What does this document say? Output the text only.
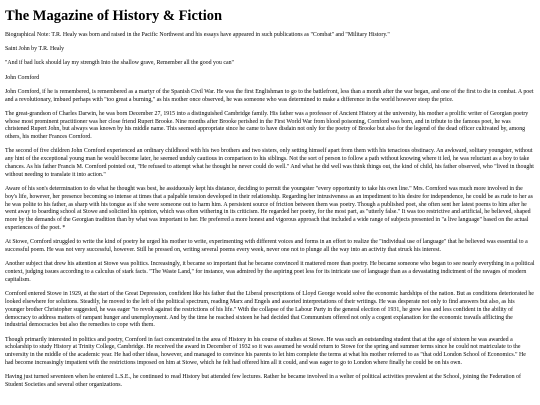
The Magazine of History & Fiction

Biographical Note: T.R. Healy was born and raised in the Pacific Northwest and his essays have appeared in such publications as "Combat" and "Military History."

Saint John by T.R. Healy

"And if bad luck should lay my strength Into the shallow grave, Remember all the good you can"

John Cornford

John Cornford, if he is remembered, is remembered as a martyr of the Spanish Civil War. He was the first Englishman to go to the battlefront, less than a month after the war began, and one of the first to die in combat. A poet and a revolutionary, imbued perhaps with "too great a burning," as his mother once observed, he was someone who was determined to make a difference in the world however steep the price.

The great-grandson of Charles Darwin, he was born December 27, 1915 into a distinguished Cambridge family. His father was a professor of Ancient History at the university, his mother a prolific writer of Georgian poetry whose most prominent practitioner was her close friend Rupert Brooke. Nine months after Brooke perished in the First World War from blood poisoning, Cornford was born, and in tribute to the famous poet, he was christened Rupert John, but always was known by his middle name. This seemed appropriate since he came to have disdain not only for the poetry of Brooke but also for the legend of the dead officer cultivated by, among others, his mother Frances Cornford.

The second of five children John Cornford experienced an ordinary childhood with his two brothers and two sisters, only setting himself apart from them with his tenacious obstinacy. An awkward, solitary youngster, without any hint of the exceptional young man he would become later, he seemed unduly cautious in comparison to his siblings. Not the sort of person to follow a path without knowing where it led, he was reluctant as a boy to take chances. As his father Francis M. Cornford pointed out, "He refused to attempt what he thought he never could do well." And what he did well was think things out, the kind of child, his father observed, who "lived in thought without needing to translate it into action."

Aware of his son's determination to do what he thought was best, he assiduously kept his distance, deciding to permit the youngster "every opportunity to take his own line." Mrs. Cornford was much more involved in the boy's life, however, her presence becoming so intense at times that a palpable tension developed in their relationship. Regarding her intrusiveness as an impediment to his desire for independence, he could be as rude to her as he was polite to his father, as sharp with his tongue as if she were someone out to harm him. A persistent source of friction between them was poetry. Though a published poet, she often sent her latest poems to him after he went away to boarding school at Stowe and solicited his opinion, which was often withering in its criticism. He regarded her poetry, for the most part, as "utterly false." It was too restrictive and artificial, he believed, shaped more by the demands of the Georgian tradition than by what was important to her. He preferred a more honest and vigorous approach that included a wide range of subjects presented in "a live language" based on the actual experiences of the poet. *

At Stowe, Cornford struggled to write the kind of poetry he urged his mother to write, experimenting with different voices and forms in an effort to realize the "individual use of language" that he believed was essential to a successful poem. He was not very successful, however. Still he pressed on, writing several poems every week, never one not to plunge all the way into an activity that struck his interest.

Another subject that drew his attention at Stowe was politics. Increasingly, it became so important that he became convinced it mattered more than poetry. He became someone who began to see nearly everything in a political context, judging issues according to a calculus of stark facts. "The Waste Land," for instance, was admired by the aspiring poet less for its intricate use of language than as a devastating indictment of the ravages of modern capitalism.

Cornford entered Stowe in 1929, at the start of the Great Depression, confident like his father that the Liberal prescriptions of Lloyd George would solve the economic hardships of the nation. But as conditions deteriorated he looked elsewhere for solutions. Steadily, he moved to the left of the political spectrum, reading Marx and Engels and assorted interpretations of their writings. He was desperate not only to find answers but also, as his younger brother Christopher suggested, he was eager "to revolt against the restrictions of his life." With the collapse of the Labour Party in the general election of 1931, he grew less and less confident in the ability of democracy to address matters of rampant hunger and unemployment. And by the time he reached sixteen he had decided that Communism offered not only a cogent explanation for the economic travails afflicting the industrial democracies but also the remedies to cope with them.

Though primarily interested in politics and poetry, Cornford in fact concentrated in the area of History in his course of studies at Stowe. He was such an outstanding student that at the age of sixteen he was awarded a scholarship to study History at Trinity College, Cambridge. He received the award in December of 1932 so it was assumed he would return to Stowe for the spring and summer terms since he could not matriculate to the university in the middle of the academic year. He had other ideas, however, and managed to convince his parents to let him complete the terms at what his mother referred to as "that odd London School of Economics." He had become increasingly impatient with the restrictions imposed on him at Stowe, which he felt had offered him all it could, and was eager to go to London where finally he could be on his own.

Having just turned seventeen when he entered L.S.E., he continued to read History but attended few lectures. Rather he became involved in a welter of political activities prevalent at the School, joining the Federation of Student Societies and several other organizations.
